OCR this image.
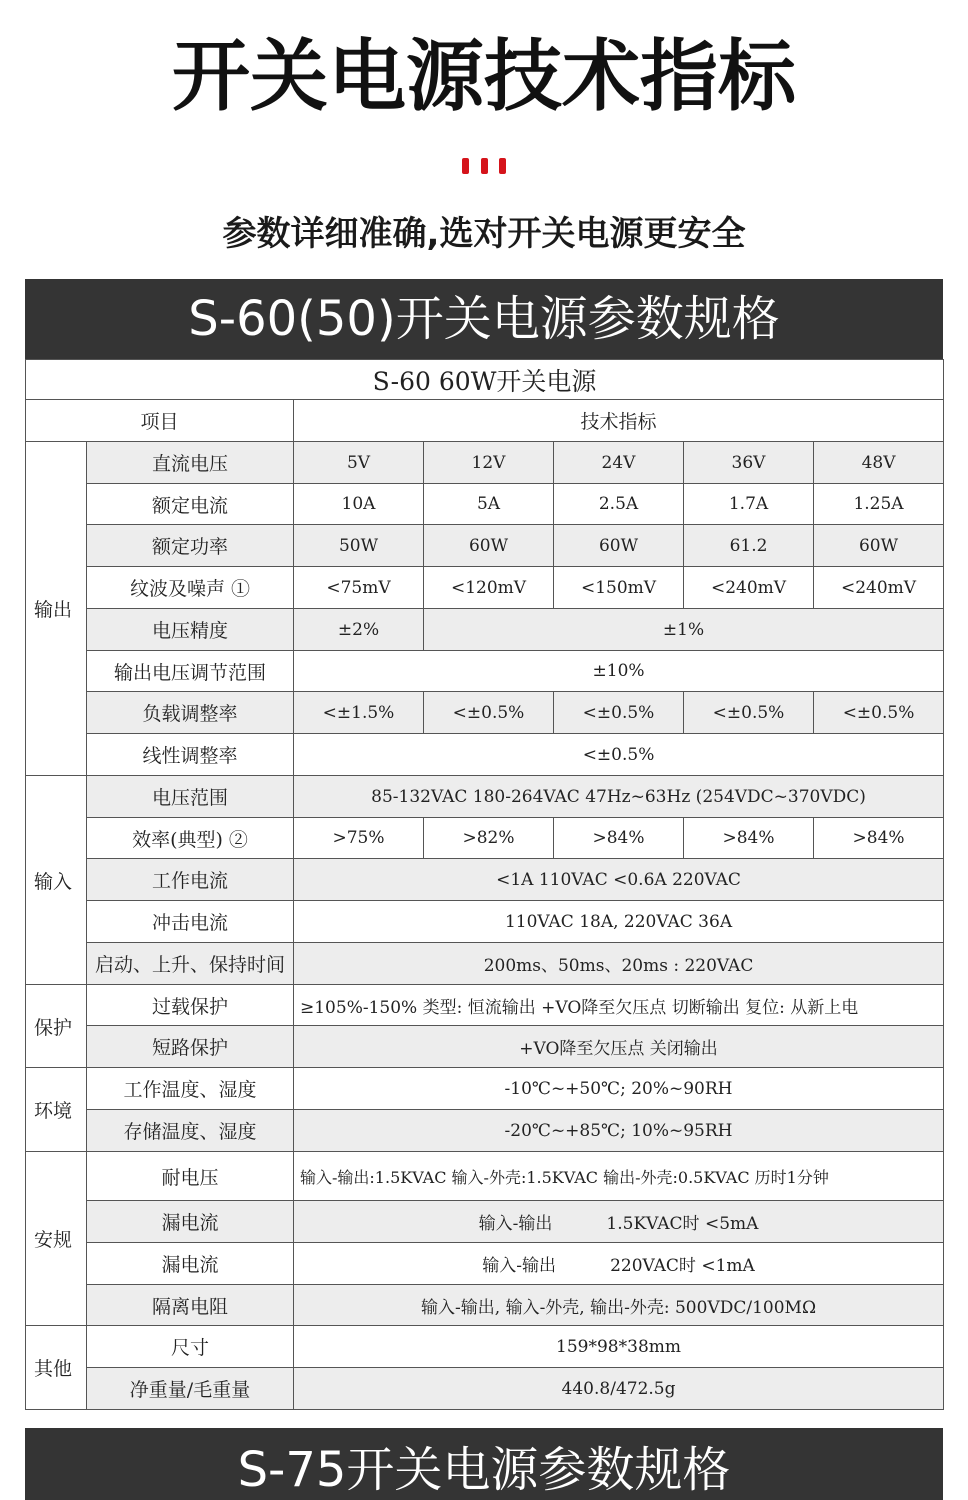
开关电源技术指标
参数详细准确,选对开关电源更安全
S-60(50)开关电源参数规格
S-60 60W开关电源						
项目		技术指标				
输出	直流电压	5V	12V	24V	36V	48V
	额定电流	10A	5A	2.5A	1.7A	1.25A
	额定功率	50W	60W	60W	61.2	60W
	纹波及噪声 ①	<75mV	<120mV	<150mV	<240mV	<240mV
	电压精度	±2%	±1%			
	输出电压调节范围	±10%				
	负载调整率	<±1.5%	<±0.5%	<±0.5%	<±0.5%	<±0.5%
	线性调整率	<±0.5%				
输入	电压范围	85-132VAC 180-264VAC 47Hz~63Hz (254VDC~370VDC)				
	效率(典型) ②	>75%	>82%	>84%	>84%	>84%
	工作电流	<1A 110VAC <0.6A 220VAC				
	冲击电流	110VAC 18A, 220VAC 36A				
	启动、上升、保持时间	200ms、50ms、20ms : 220VAC				
保护	过载保护	≥105%-150% 类型: 恒流输出 +VO降至欠压点 切断输出 复位: 从新上电				
	短路保护	+VO降至欠压点 关闭输出				
环境	工作温度、湿度	-10℃~+50℃; 20%~90RH				
	存储温度、湿度	-20℃~+85℃; 10%~95RH				
安规	耐电压	输入-输出:1.5KVAC 输入-外壳:1.5KVAC 输出-外壳:0.5KVAC 历时1分钟				
	漏电流	输入-输出          1.5KVAC时 <5mA				
	漏电流	输入-输出          220VAC时 <1mA				
	隔离电阻	输入-输出, 输入-外壳, 输出-外壳: 500VDC/100MΩ				
其他	尺寸	159*98*38mm				
	净重量/毛重量	440.8/472.5g				
S-75开关电源参数规格
